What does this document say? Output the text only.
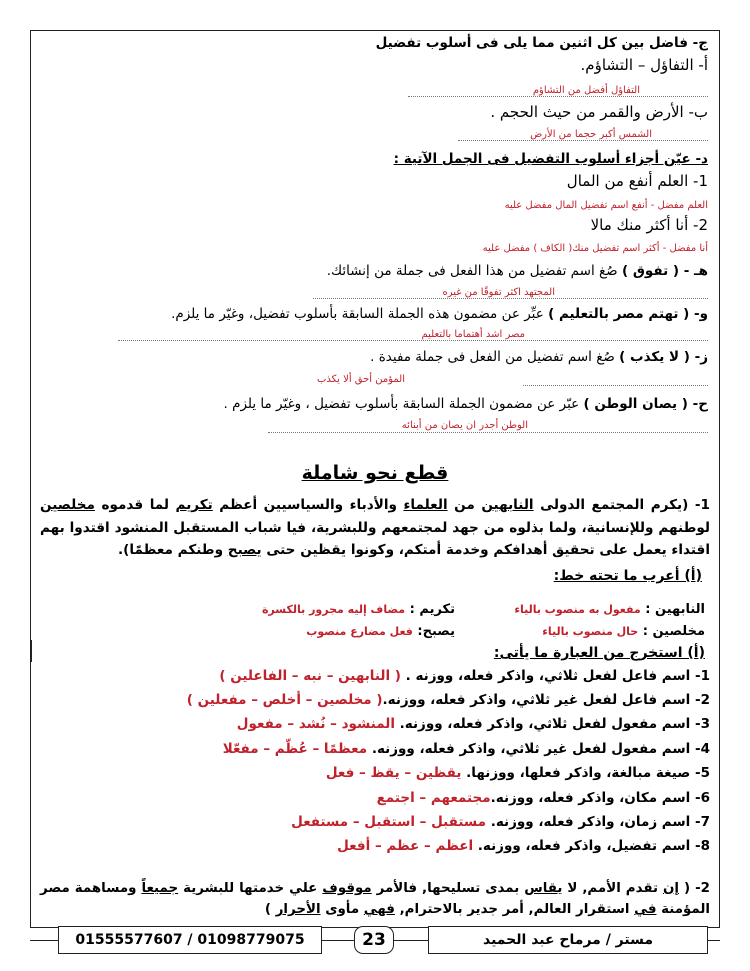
ج- فاضل بين كل اثنين مما يلى فى أسلوب تفضيل
أ- التفاؤل – التشاؤم.
التفاؤل أفضل من التشاؤم
ب- الأرض والقمر من حيث الحجم .
الشمس أكبر حجما من الأرض
د- عيّن أجزاء أسلوب التفضيل فى الجمل الآتية :
1- العلم أنفع من المال
العلم مفضل - أنفع اسم تفضيل المال مفضل عليه
2- أنا أكثر منك مالا
أنا مفضل - أكثر اسم تفضيل منك( الكاف ) مفضل عليه
هـ - ( تفوق ) صُغ اسم تفضيل من هذا الفعل فى جملة من إنشائك.
المجتهد اكثر تفوقًا من غيره
و- ( تهتم مصر بالتعليم ) عبِّر عن مضمون هذه الجملة السابقة بأسلوب تفضيل، وغيّر ما يلزم.
مصر اشد أهتماما بالتعليم
ز- ( لا يكذب ) صُغ اسم تفضيل من الفعل فى جملة مفيدة .
المؤمن أحق ألا يكذب
ح- ( يصان الوطن ) عبّر عن مضمون الجملة السابقة بأسلوب تفضيل ، وغيّر ما يلزم .
الوطن أجدر ان يصان من أبنائه
قطع نحو شاملة
1- (يكرم المجتمع الدولى النابهين من العلماء والأدباء والسياسيين أعظم تكريم لما قدموه مخلصين لوطنهم وللإنسانية، ولما بذلوه من جهد لمجتمعهم وللبشرية، فيا شباب المستقبل المنشود اقتدوا بهم اقتداء يعمل على تحقيق أهدافكم وخدمة أمتكم، وكونوا يقظين حتى يصبح وطنكم معظمًا).
(أ) أعرب ما تحته خط:
النابهين : مفعول به منصوب بالياء
تكريم : مضاف إليه مجرور بالكسرة
مخلصين : حال منصوب بالياء
يصبح: فعل مضارع منصوب
(أ) استخرج من العبارة ما يأتى:
1- اسم فاعل لفعل ثلاثي، واذكر فعله، ووزنه . ( النابهين – نبه – الفاعلين )
2- اسم فاعل لفعل غير ثلاثي، واذكر فعله، ووزنه.( مخلصين – أخلص – مفعلين )
3- اسم مفعول لفعل ثلاثي، واذكر فعله، ووزنه. المنشود – نُشد – مفعول
4- اسم مفعول لفعل غير ثلاثي، واذكر فعله، ووزنه. معظمًا – عُظّم – مفعّلا
5- صيغة مبالغة، واذكر فعلها، ووزنها. يقظين – يقظ – فعل
6- اسم مكان، واذكر فعله، ووزنه.مجتمعهم – اجتمع
7- اسم زمان، واذكر فعله، ووزنه. مستقبل – استقبل – مستفعل
8- اسم تفضيل، واذكر فعله، ووزنه. اعظم – عظم – أفعل
2- ( إن تقدم الأمم, لا يقاس بمدى تسليحها, فالأمر موقوف علي خدمتها للبشرية جميعاً ومساهمة مصر المؤمنة في استقرار العالم, أمر جدير بالاحترام, فهي مأوى الأحرار )
01555577607 / 01098779075	23	مستر / مرماح عبد الحميد
